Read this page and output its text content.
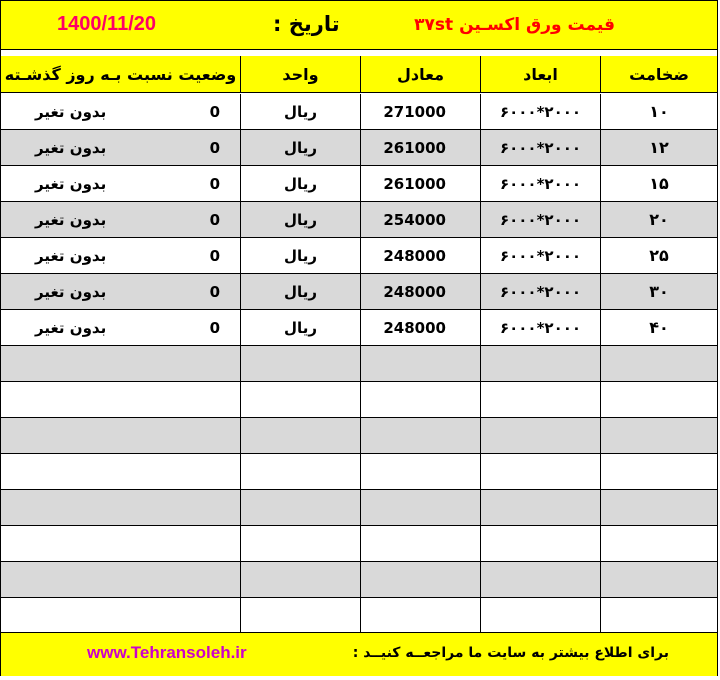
1400/11/20	تاریخ :	قیمت ورق اکسـین ۳۷st
وضعیت نسبت بـه روز گذشـته	واحد	معادل	ابعاد	ضخامت
بدون تغیر	0	ریال	271000	۶۰۰۰*۲۰۰۰	۱۰
بدون تغیر	0	ریال	261000	۶۰۰۰*۲۰۰۰	۱۲
بدون تغیر	0	ریال	261000	۶۰۰۰*۲۰۰۰	۱۵
بدون تغیر	0	ریال	254000	۶۰۰۰*۲۰۰۰	۲۰
بدون تغیر	0	ریال	248000	۶۰۰۰*۲۰۰۰	۲۵
بدون تغیر	0	ریال	248000	۶۰۰۰*۲۰۰۰	۳۰
بدون تغیر	0	ریال	248000	۶۰۰۰*۲۰۰۰	۴۰
www.Tehransoleh.ir	برای اطلاع بیشتر به سایت ما مراجعــه کنیــد :
